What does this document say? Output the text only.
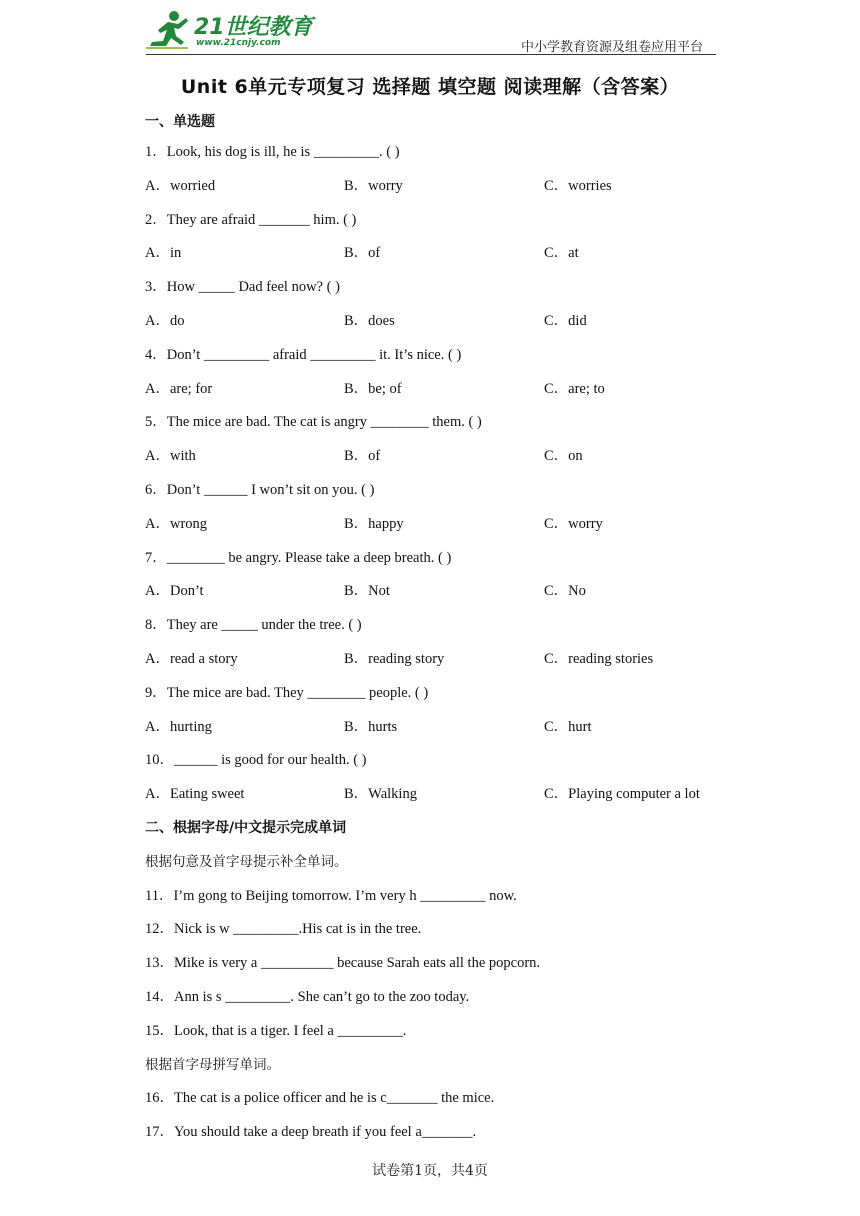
21世纪教育
www.21cnjy.com	中小学教育资源及组卷应用平台
Unit 6单元专项复习 选择题 填空题 阅读理解（含答案）
一、单选题
1．Look, his dog is ill, he is _________. ( )
A．worried	B．worry	C．worries
2．They are afraid _______ him. ( )
A．in	B．of	C．at
3．How _____ Dad feel now? ( )
A．do	B．does	C．did
4．Don’t _________ afraid _________ it. It’s nice. ( )
A．are; for	B．be; of	C．are; to
5．The mice are bad. The cat is angry ________ them. ( )
A．with	B．of	C．on
6．Don’t ______ I won’t sit on you. ( )
A．wrong	B．happy	C．worry
7．________ be angry. Please take a deep breath. ( )
A．Don’t	B．Not	C．No
8．They are _____ under the tree. ( )
A．read a story	B．reading story	C．reading stories
9．The mice are bad. They ________ people. ( )
A．hurting	B．hurts	C．hurt
10．______ is good for our health. ( )
A．Eating sweet	B．Walking	C．Playing computer a lot
二、根据字母/中文提示完成单词
根据句意及首字母提示补全单词。
11．I’m gong to Beijing tomorrow. I’m very h _________ now.
12．Nick is w _________.His cat is in the tree.
13．Mike is very a __________ because Sarah eats all the popcorn.
14．Ann is s _________. She can’t go to the zoo today.
15．Look, that is a tiger. I feel a _________.
根据首字母拼写单词。
16．The cat is a police officer and he is c_______ the mice.
17．You should take a deep breath if you feel a_______.
试卷第1页，共4页
